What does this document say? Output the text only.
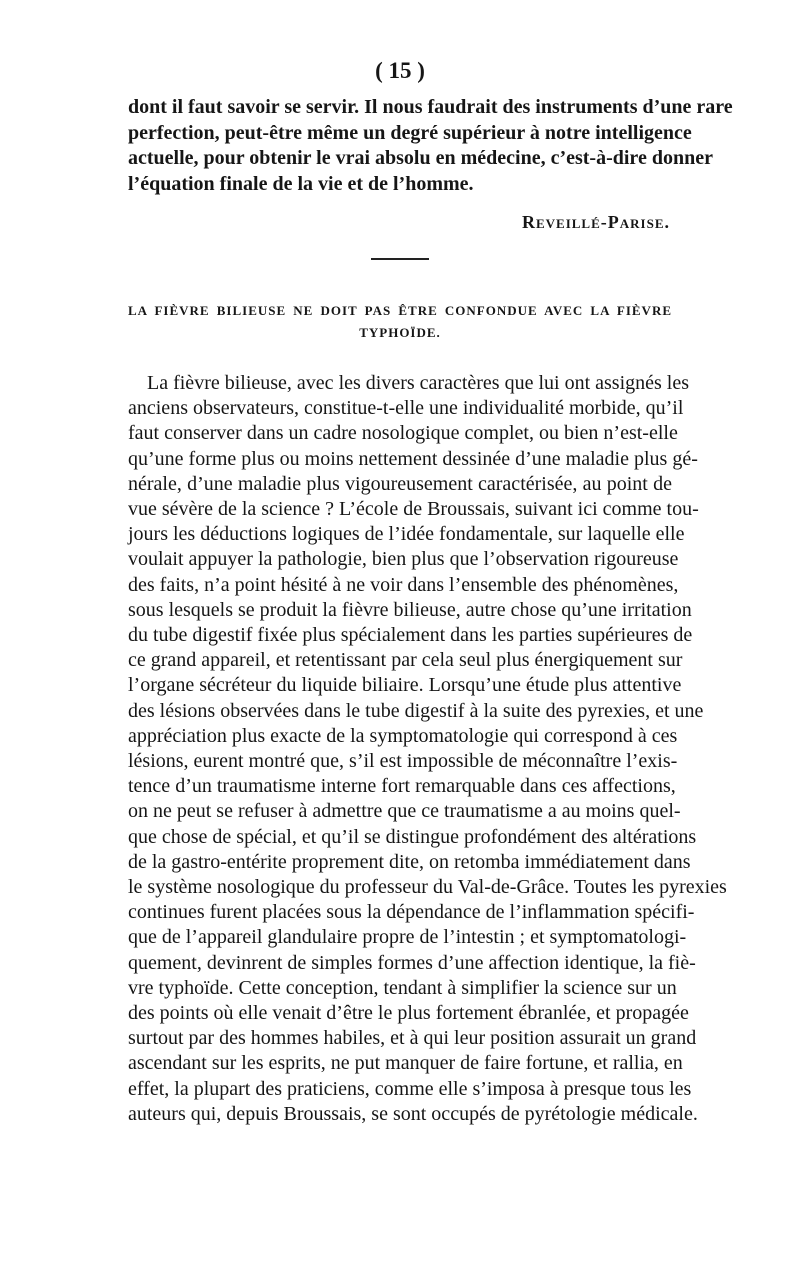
( 15 )

dont il faut savoir se servir. Il nous faudrait des instruments d’une rare
perfection, peut-être même un degré supérieur à notre intelligence
actuelle, pour obtenir le vrai absolu en médecine, c’est-à-dire donner
l’équation finale de la vie et de l’homme.

Reveillé-Parise.
LA FIÈVRE BILIEUSE NE DOIT PAS ÊTRE CONFONDUE AVEC LA FIÈVRE
TYPHOÏDE.

La fièvre bilieuse, avec les divers caractères que lui ont assignés les
anciens observateurs, constitue-t-elle une individualité morbide, qu’il
faut conserver dans un cadre nosologique complet, ou bien n’est-elle
qu’une forme plus ou moins nettement dessinée d’une maladie plus gé-
nérale, d’une maladie plus vigoureusement caractérisée, au point de
vue sévère de la science ? L’école de Broussais, suivant ici comme tou-
jours les déductions logiques de l’idée fondamentale, sur laquelle elle
voulait appuyer la pathologie, bien plus que l’observation rigoureuse
des faits, n’a point hésité à ne voir dans l’ensemble des phénomènes,
sous lesquels se produit la fièvre bilieuse, autre chose qu’une irritation
du tube digestif fixée plus spécialement dans les parties supérieures de
ce grand appareil, et retentissant par cela seul plus énergiquement sur
l’organe sécréteur du liquide biliaire. Lorsqu’une étude plus attentive
des lésions observées dans le tube digestif à la suite des pyrexies, et une
appréciation plus exacte de la symptomatologie qui correspond à ces
lésions, eurent montré que, s’il est impossible de méconnaître l’exis-
tence d’un traumatisme interne fort remarquable dans ces affections,
on ne peut se refuser à admettre que ce traumatisme a au moins quel-
que chose de spécial, et qu’il se distingue profondément des altérations
de la gastro-entérite proprement dite, on retomba immédiatement dans
le système nosologique du professeur du Val-de-Grâce. Toutes les pyrexies
continues furent placées sous la dépendance de l’inflammation spécifi-
que de l’appareil glandulaire propre de l’intestin ; et symptomatologi-
quement, devinrent de simples formes d’une affection identique, la fiè-
vre typhoïde. Cette conception, tendant à simplifier la science sur un
des points où elle venait d’être le plus fortement ébranlée, et propagée
surtout par des hommes habiles, et à qui leur position assurait un grand
ascendant sur les esprits, ne put manquer de faire fortune, et rallia, en
effet, la plupart des praticiens, comme elle s’imposa à presque tous les
auteurs qui, depuis Broussais, se sont occupés de pyrétologie médicale.
